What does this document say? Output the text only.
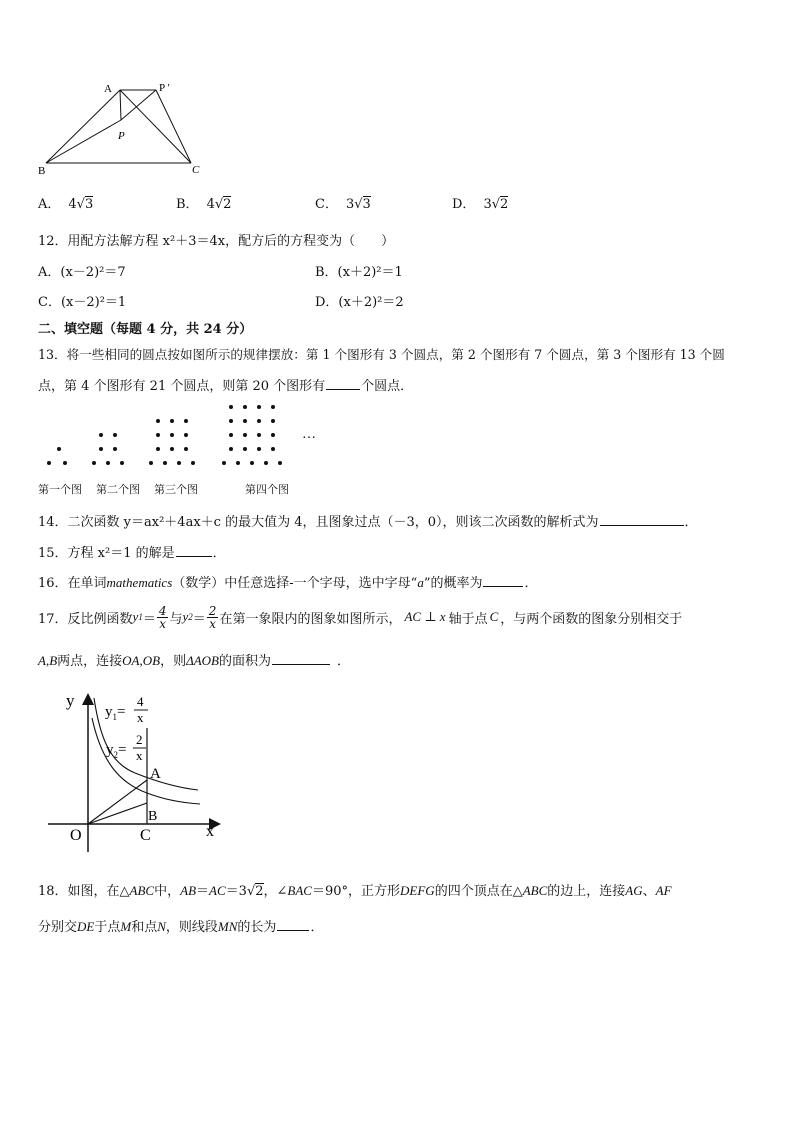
A	P ′
P
B	C
A． 4√3	B． 4√2	C． 3√3	D． 3√2
12．用配方法解方程 x²＋3＝4x，配方后的方程变为（　　）
A．(x－2)²＝7	B．(x＋2)²＝1
C．(x－2)²＝1	D．(x＋2)²＝2
二、填空题（每题 4 分，共 24 分）
13．将一些相同的圆点按如图所示的规律摆放：第 1 个图形有 3 个圆点，第 2 个图形有 7 个圆点，第 3 个图形有 13 个圆
点，第 4 个图形有 21 个圆点，则第 20 个图形有	个圆点．
…
第一个图 第二个图 第三个图	第四个图
14．二次函数 y＝ax²＋4ax＋c 的最大值为 4，且图象过点（－3，0），则该二次函数的解析式为	．
15．方程 x²＝1 的解是	．
16．在单词mathematics（数学）中任意选择-一个字母，选中字母“a”的概率为	．
17．反比例函数 y $1 = \frac{4}{x}$ 与 y $2 = \frac{2}{x}$ 在第一象限内的图象如图所示， AC ⊥ x 轴于点 C ，与两个函数的图象分别相交于
A,B两点，连接OA,OB，则ΔAOB的面积为	．
y
x
O
A
B
C
$y_1=$
4
x
$y_2=$
2
x
18．如图，在△ABC中，AB＝AC＝3√2，∠BAC＝90°，正方形DEFG的四个顶点在△ABC的边上，连接AG、AF
分别交DE于点M和点N，则线段MN的长为	．
